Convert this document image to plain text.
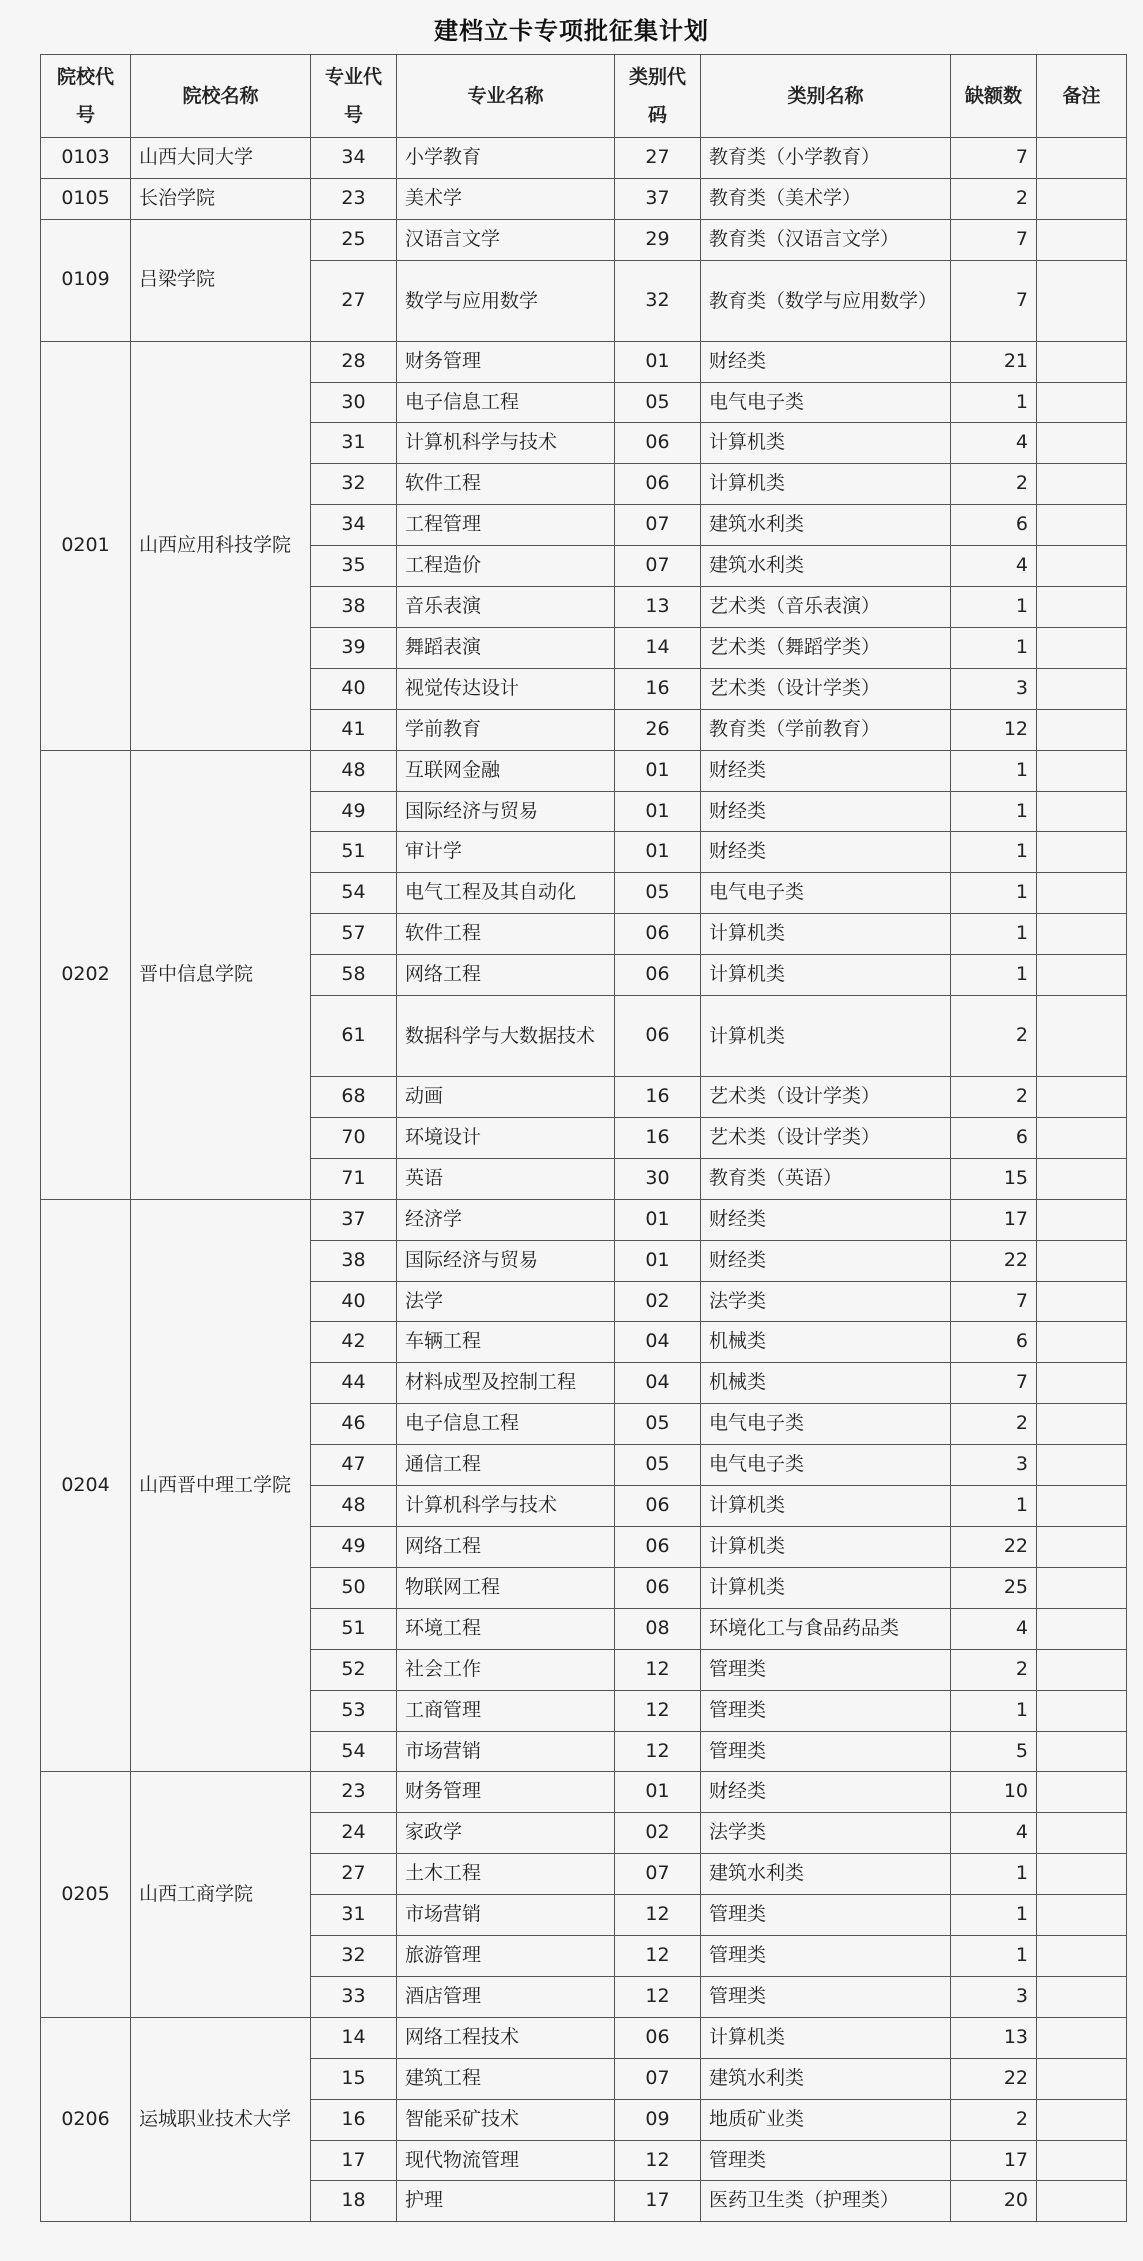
建档立卡专项批征集计划
院校代号	院校名称	专业代号	专业名称	类别代码	类别名称	缺额数	备注
0103	山西大同大学	34	小学教育	27	教育类（小学教育）	7	
0105	长治学院	23	美术学	37	教育类（美术学）	2	
0109	吕梁学院	25	汉语言文学	29	教育类（汉语言文学）	7	
		27	数学与应用数学	32	教育类（数学与应用数学）	7	
0201	山西应用科技学院	28	财务管理	01	财经类	21	
		30	电子信息工程	05	电气电子类	1	
		31	计算机科学与技术	06	计算机类	4	
		32	软件工程	06	计算机类	2	
		34	工程管理	07	建筑水利类	6	
		35	工程造价	07	建筑水利类	4	
		38	音乐表演	13	艺术类（音乐表演）	1	
		39	舞蹈表演	14	艺术类（舞蹈学类）	1	
		40	视觉传达设计	16	艺术类（设计学类）	3	
		41	学前教育	26	教育类（学前教育）	12	
0202	晋中信息学院	48	互联网金融	01	财经类	1	
		49	国际经济与贸易	01	财经类	1	
		51	审计学	01	财经类	1	
		54	电气工程及其自动化	05	电气电子类	1	
		57	软件工程	06	计算机类	1	
		58	网络工程	06	计算机类	1	
		61	数据科学与大数据技术	06	计算机类	2	
		68	动画	16	艺术类（设计学类）	2	
		70	环境设计	16	艺术类（设计学类）	6	
		71	英语	30	教育类（英语）	15	
0204	山西晋中理工学院	37	经济学	01	财经类	17	
		38	国际经济与贸易	01	财经类	22	
		40	法学	02	法学类	7	
		42	车辆工程	04	机械类	6	
		44	材料成型及控制工程	04	机械类	7	
		46	电子信息工程	05	电气电子类	2	
		47	通信工程	05	电气电子类	3	
		48	计算机科学与技术	06	计算机类	1	
		49	网络工程	06	计算机类	22	
		50	物联网工程	06	计算机类	25	
		51	环境工程	08	环境化工与食品药品类	4	
		52	社会工作	12	管理类	2	
		53	工商管理	12	管理类	1	
		54	市场营销	12	管理类	5	
0205	山西工商学院	23	财务管理	01	财经类	10	
		24	家政学	02	法学类	4	
		27	土木工程	07	建筑水利类	1	
		31	市场营销	12	管理类	1	
		32	旅游管理	12	管理类	1	
		33	酒店管理	12	管理类	3	
0206	运城职业技术大学	14	网络工程技术	06	计算机类	13	
		15	建筑工程	07	建筑水利类	22	
		16	智能采矿技术	09	地质矿业类	2	
		17	现代物流管理	12	管理类	17	
		18	护理	17	医药卫生类（护理类）	20	
